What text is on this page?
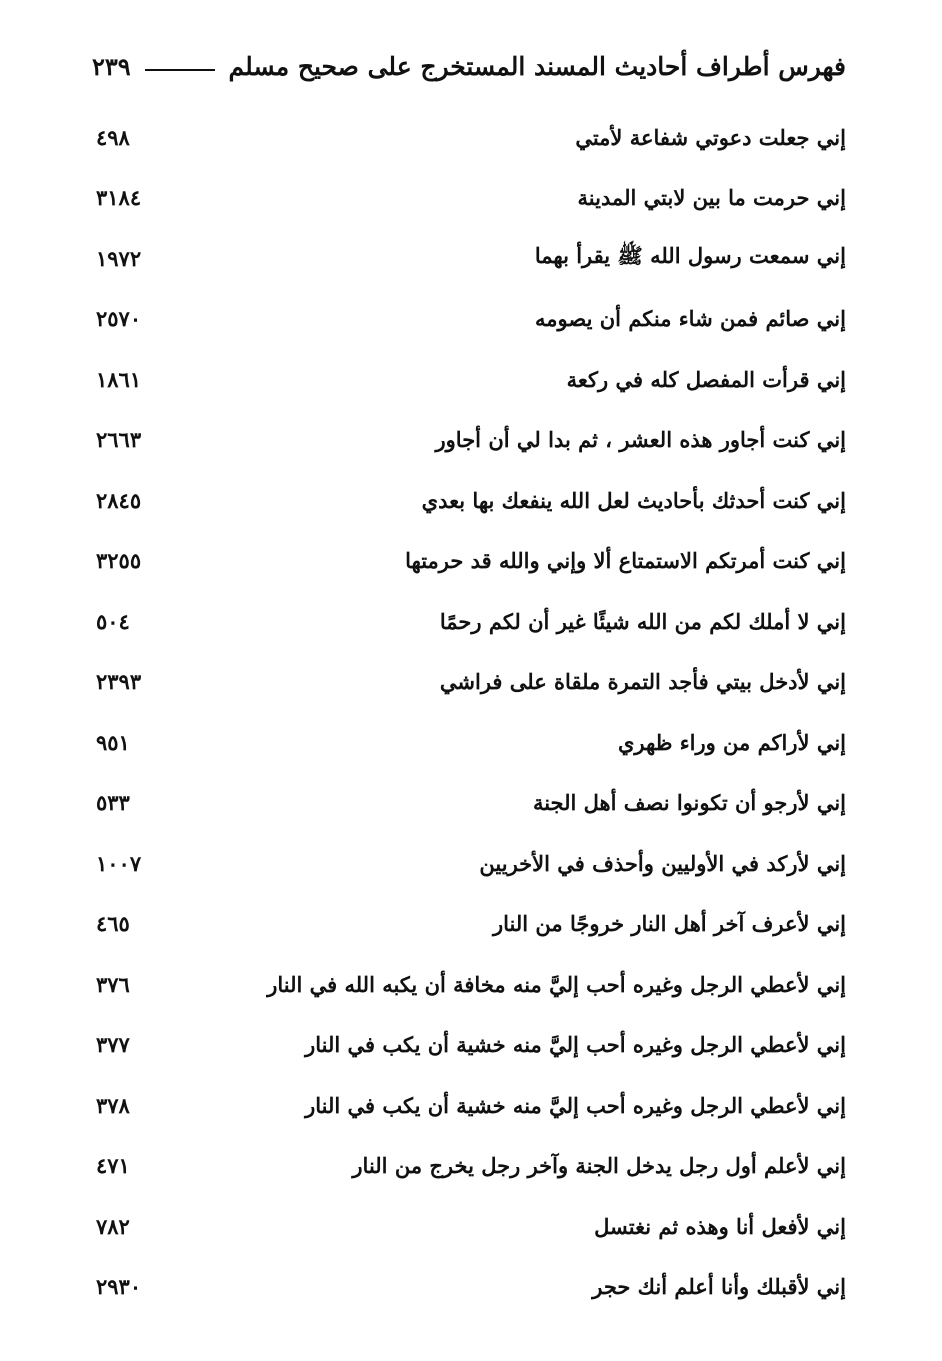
فهرس أطراف أحاديث المسند المستخرج على صحيح مسلم
٢٣٩
إني جعلت دعوتي شفاعة لأمتي
٤٩٨
إني حرمت ما بين لابتي المدينة
٣١٨٤
إني سمعت رسول الله ﷺ يقرأ بهما
١٩٧٢
إني صائم فمن شاء منكم أن يصومه
٢٥٧٠
إني قرأت المفصل كله في ركعة
١٨٦١
إني كنت أجاور هذه العشر ، ثم بدا لي أن أجاور
٢٦٦٣
إني كنت أحدثك بأحاديث لعل الله ينفعك بها بعدي
٢٨٤٥
إني كنت أمرتكم الاستمتاع ألا وإني والله قد حرمتها
٣٢٥٥
إني لا أملك لكم من الله شيئًا غير أن لكم رحمًا
٥٠٤
إني لأدخل بيتي فأجد التمرة ملقاة على فراشي
٢٣٩٣
إني لأراكم من وراء ظهري
٩٥١
إني لأرجو أن تكونوا نصف أهل الجنة
٥٣٣
إني لأركد في الأوليين وأحذف في الأخريين
١٠٠٧
إني لأعرف آخر أهل النار خروجًا من النار
٤٦٥
إني لأعطي الرجل وغيره أحب إليَّ منه مخافة أن يكبه الله في النار
٣٧٦
إني لأعطي الرجل وغيره أحب إليَّ منه خشية أن يكب في النار
٣٧٧
إني لأعطي الرجل وغيره أحب إليَّ منه خشية أن يكب في النار
٣٧٨
إني لأعلم أول رجل يدخل الجنة وآخر رجل يخرج من النار
٤٧١
إني لأفعل أنا وهذه ثم نغتسل
٧٨٢
إني لأقبلك وأنا أعلم أنك حجر
٢٩٣٠
